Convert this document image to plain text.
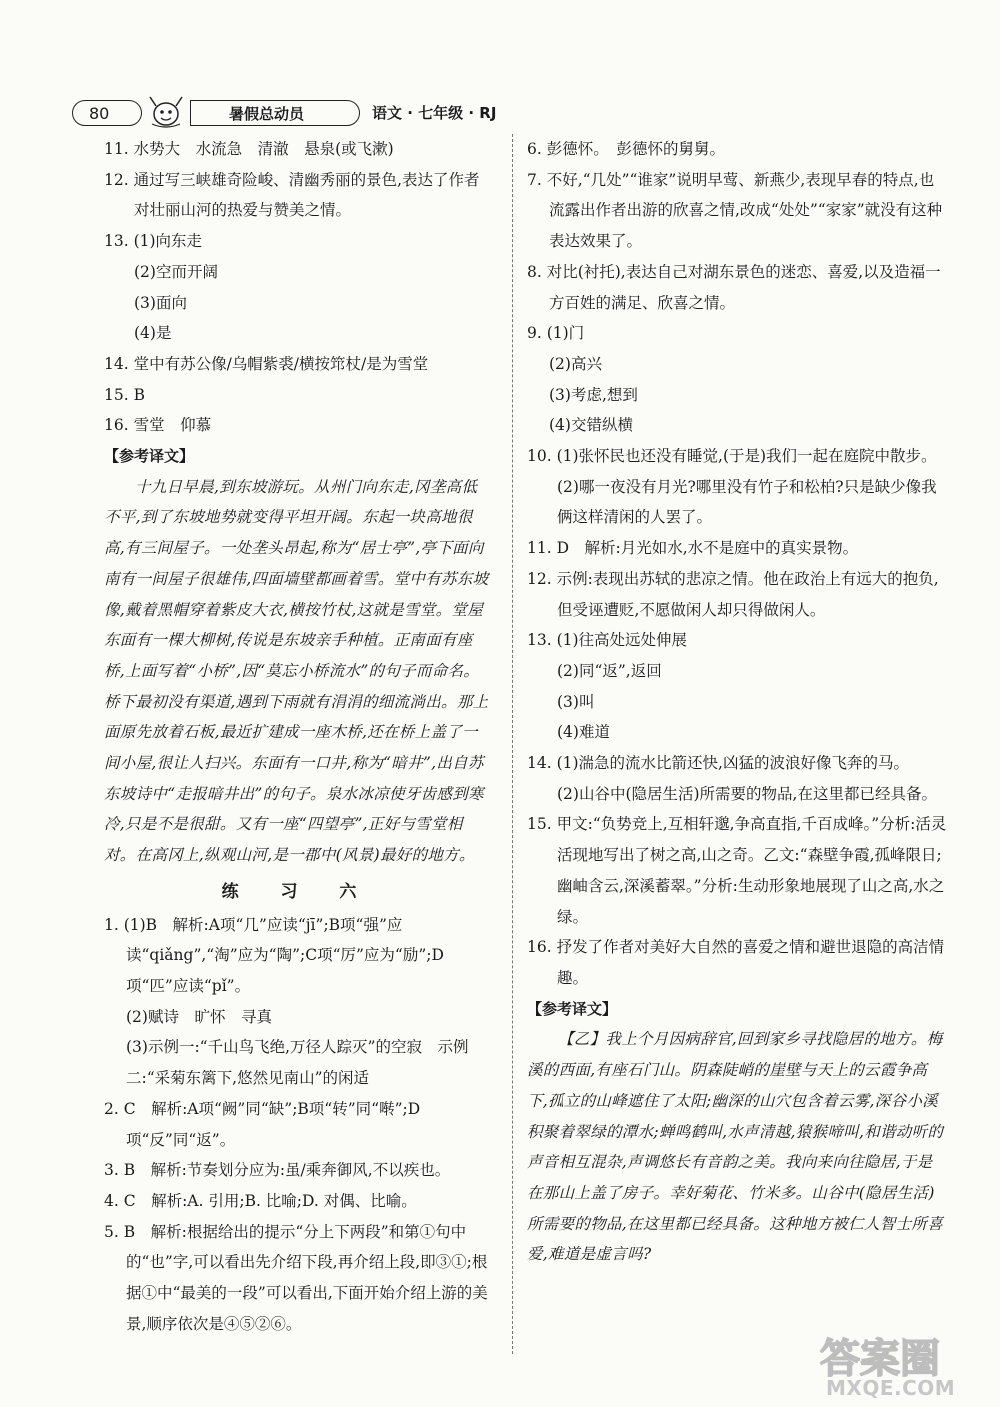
80	暑假总动员	语文 · 七年级 · RJ

11. 水势大　水流急　清澈　悬泉(或飞漱)

12. 通过写三峡雄奇险峻、清幽秀丽的景色,表达了作者对壮丽山河的热爱与赞美之情。

13. (1)向东走

(2)空而开阔

(3)面向

(4)是

14. 堂中有苏公像/乌帽紫裘/横按筇杖/是为雪堂

15. B

16. 雪堂　仰慕

【参考译文】

十九日早晨,到东坡游玩。从州门向东走,冈垄高低不平,到了东坡地势就变得平坦开阔。东起一块高地很高,有三间屋子。一处垄头昂起,称为“居士亭”,亭下面向南有一间屋子很雄伟,四面墙壁都画着雪。堂中有苏东坡像,戴着黑帽穿着紫皮大衣,横按竹杖,这就是雪堂。堂屋东面有一棵大柳树,传说是东坡亲手种植。正南面有座桥,上面写着“小桥”,因“莫忘小桥流水”的句子而命名。桥下最初没有渠道,遇到下雨就有涓涓的细流淌出。那上面原先放着石板,最近扩建成一座木桥,还在桥上盖了一间小屋,很让人扫兴。东面有一口井,称为“暗井”,出自苏东坡诗中“走报暗井出”的句子。泉水冰凉使牙齿感到寒冷,只是不是很甜。又有一座“四望亭”,正好与雪堂相对。在高冈上,纵观山河,是一郡中(风景)最好的地方。

练 习 六

1. (1)B　解析:A项“几”应读“jī”;B项“强”应读“qiǎng”,“淘”应为“陶”;C项“厉”应为“励”;D项“匹”应读“pǐ”。

(2)赋诗　旷怀　寻真

(3)示例一:“千山鸟飞绝,万径人踪灭”的空寂　示例二:“采菊东篱下,悠然见南山”的闲适

2. C　解析:A项“阙”同“缺”;B项“转”同“啭”;D项“反”同“返”。

3. B　解析:节奏划分应为:虽/乘奔御风,不以疾也。

4. C　解析:A. 引用;B. 比喻;D. 对偶、比喻。

5. B　解析:根据给出的提示“分上下两段”和第①句中的“也”字,可以看出先介绍下段,再介绍上段,即③①;根据①中“最美的一段”可以看出,下面开始介绍上游的美景,顺序依次是④⑤②⑥。

6. 彭德怀。　彭德怀的舅舅。

7. 不好,“几处”“谁家”说明早莺、新燕少,表现早春的特点,也流露出作者出游的欣喜之情,改成“处处”“家家”就没有这种表达效果了。

8. 对比(衬托),表达自己对湖东景色的迷恋、喜爱,以及造福一方百姓的满足、欣喜之情。

9. (1)门

(2)高兴

(3)考虑,想到

(4)交错纵横

10. (1)张怀民也还没有睡觉,(于是)我们一起在庭院中散步。

(2)哪一夜没有月光?哪里没有竹子和松柏?只是缺少像我俩这样清闲的人罢了。

11. D　解析:月光如水,水不是庭中的真实景物。

12. 示例:表现出苏轼的悲凉之情。他在政治上有远大的抱负,但受诬遭贬,不愿做闲人却只得做闲人。

13. (1)往高处远处伸展

(2)同“返”,返回

(3)叫

(4)难道

14. (1)湍急的流水比箭还快,凶猛的波浪好像飞奔的马。

(2)山谷中(隐居生活)所需要的物品,在这里都已经具备。

15. 甲文:“负势竞上,互相轩邈,争高直指,千百成峰。”分析:活灵活现地写出了树之高,山之奇。乙文:“森壁争霞,孤峰限日;幽岫含云,深溪蓄翠。”分析:生动形象地展现了山之高,水之绿。

16. 抒发了作者对美好大自然的喜爱之情和避世退隐的高洁情趣。

【参考译文】

【乙】我上个月因病辞官,回到家乡寻找隐居的地方。梅溪的西面,有座石门山。阴森陡峭的崖壁与天上的云霞争高下,孤立的山峰遮住了太阳;幽深的山穴包含着云雾,深谷小溪积聚着翠绿的潭水;蝉鸣鹤叫,水声清越,猿猴啼叫,和谐动听的声音相互混杂,声调悠长有音韵之美。我向来向往隐居,于是在那山上盖了房子。幸好菊花、竹米多。山谷中(隐居生活)所需要的物品,在这里都已经具备。这种地方被仁人智士所喜爱,难道是虚言吗?

答案圈
MXQE.COM
